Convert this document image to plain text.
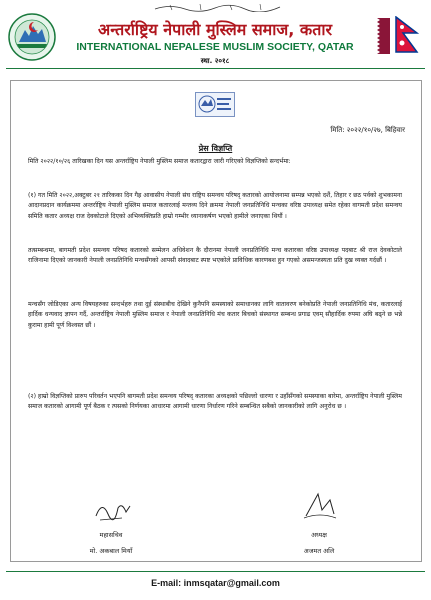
अन्तर्राष्ट्रिय नेपाली मुस्लिम समाज, कतार
INTERNATIONAL NEPALESE MUSLIM SOCIETY, QATAR
स्था. २०१८
मिति: २०२२/१०/२७, बिहिवार
प्रेस विज्ञप्ति
मिति २०२२/१०/२६ तारिखका दिन यस अन्तर्राष्ट्रिय नेपाली मुस्लिम समाज कतारद्वारा जारी गरिएको विज्ञप्तिको सन्दर्भमा:
(१) गत मिति २०२२,अक्टुबर २१ तारिकका दिन गैह्र आवासीय नेपाली संघ राष्ट्रिय समन्वय परिषद् कतारको आयोजनामा सम्पन्न भएको दशैं, तिहार र छठ पर्वको शुभकामना आदानप्रदान कार्यक्रममा अन्तर्राष्ट्रिय नेपाली मुस्लिम समाज कतारलाई मन्तव्य दिने क्रममा नेपाली जनप्रतिनिधि मन्चका वरिष्ठ उपाध्यक्ष समेत रहेका वागमती प्रदेश समन्वय समिति कतार अध्यक्ष राज देवकोटाले दिएको अभिव्यक्तिप्रति हाम्रो गम्भीर ध्यानाकर्षण भएको हामीले जनाएका थियौं ।
तत्सम्बन्धमा, बागमती प्रदेश समन्वय परिषद कतारको सम्मेलन अधिवेशन कै दौरानमा नेपाली जनप्रतिनिधि मन्च कतारका वरिष्ठ उपाध्यक्ष पदबाट श्री राज देवकोटाले राजिनामा दिएको जानकारी नेपाली जनप्रतिनिधि मन्चसँगको आपसी संवादबाट स्पष्ट भएकोले प्राविधिक कारणबश हुन गएको असमन्जस्यता प्रति दुख व्यक्त गर्दछौं ।
मन्चसँग जोडिएका अन्य विषयहरुका सन्दर्भहरु तथा दुई संस्थाबीच देखिने कुनैपनि समस्याको समाधानका लागि वातावरण बनेकोप्रति नेपाली जनप्रतिनिधि मंच, कतारलाई हार्दिक धन्यवाद ज्ञापन गर्दै, अन्तर्राष्ट्रिय नेपाली मुस्लिम समाज र नेपाली जनप्रतिनिधि मंच कतार बिचको संस्थागत सम्बन्ध प्रगाढ एवम् सौहार्दिक रुपमा अघि बढ्ने छ भन्ने कुरामा हामी पूर्ण विश्वस्त छौं ।
(२) हाम्रो विज्ञप्तिको प्रारुप परिवर्तन भएपनि बागमती प्रदेश समन्वय परिषद् कतारका अध्यक्षको पछिल्लो धारणा र उहाँसँगको समस्याका बारेमा, अन्तर्राष्ट्रिय नेपाली मुस्लिम समाज कतारको आगामी पूर्ण बैठक र त्यसको निर्णयका आधारमा आगामी धारणा निर्धारण गरिने सम्बन्धित सबैको जानकारीको लागि अनुरोध छ ।
महासचिव
मो. अकबाल मियाँ
अध्यक्ष
अजमत अलि
E-mail: inmsqatar@gmail.com
